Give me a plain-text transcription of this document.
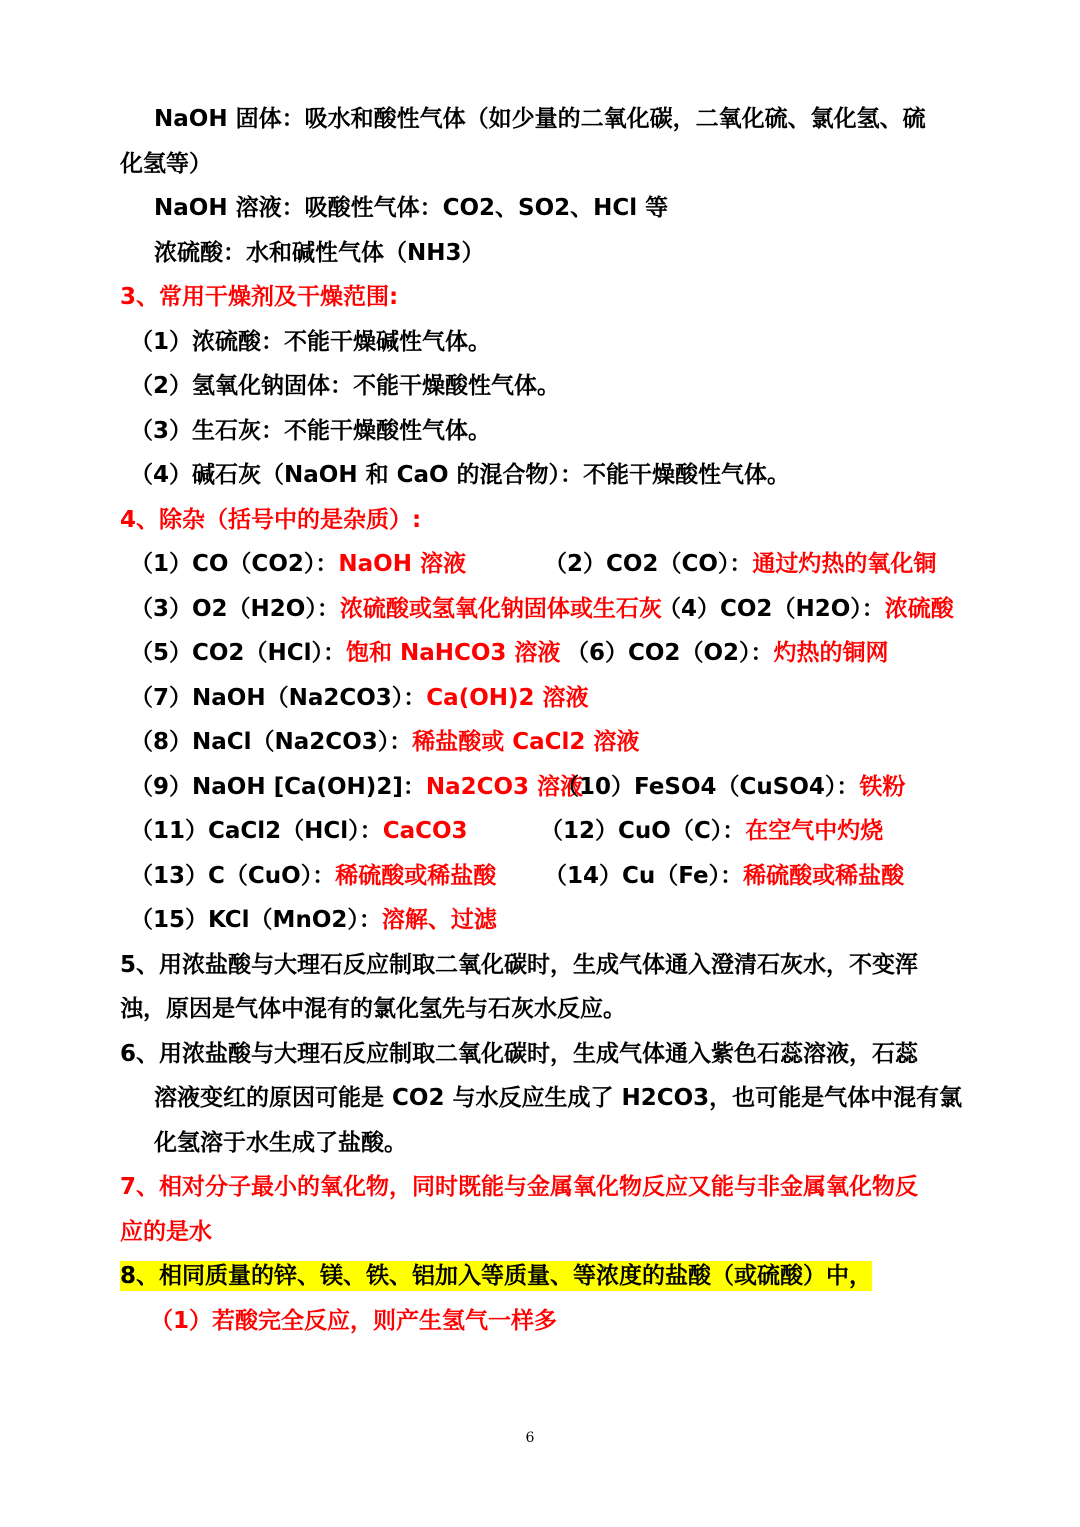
NaOH 固体：吸水和酸性气体（如少量的二氧化碳，二氧化硫、氯化氢、硫
化氢等）
NaOH 溶液：吸酸性气体：CO2、SO2、HCl 等
浓硫酸：水和碱性气体（NH3）
3、常用干燥剂及干燥范围:
（1）浓硫酸：不能干燥碱性气体。
（2）氢氧化钠固体：不能干燥酸性气体。
（3）生石灰：不能干燥酸性气体。
（4）碱石灰（NaOH 和 CaO 的混合物）：不能干燥酸性气体。
4、除杂（括号中的是杂质）:
（1）CO（CO2）：NaOH 溶液	（2）CO2（CO）：通过灼热的氧化铜
（3）O2（H2O）：浓硫酸或氢氧化钠固体或生石灰
（4）CO2（H2O）：浓硫酸
（5）CO2（HCl）：饱和 NaHCO3 溶液 （6）CO2（O2）：灼热的铜网
（7）NaOH（Na2CO3）：Ca(OH)2 溶液
（8）NaCl（Na2CO3）：稀盐酸或 CaCl2 溶液
（9）NaOH [Ca(OH)2]：Na2CO3 溶液
（10）FeSO4（CuSO4）：铁粉
（11）CaCl2（HCl）：CaCO3	（12）CuO（C）：在空气中灼烧
（13）C（CuO）：稀硫酸或稀盐酸 （14）Cu（Fe）：稀硫酸或稀盐酸
（15）KCl（MnO2）：溶解、过滤
5、用浓盐酸与大理石反应制取二氧化碳时，生成气体通入澄清石灰水，不变浑
浊，原因是气体中混有的氯化氢先与石灰水反应。
6、用浓盐酸与大理石反应制取二氧化碳时，生成气体通入紫色石蕊溶液，石蕊
溶液变红的原因可能是 CO2 与水反应生成了 H2CO3，也可能是气体中混有氯
化氢溶于水生成了盐酸。
7、相对分子最小的氧化物，同时既能与金属氧化物反应又能与非金属氧化物反
应的是水
8、相同质量的锌、镁、铁、铝加入等质量、等浓度的盐酸（或硫酸）中，
（1）若酸完全反应，则产生氢气一样多
6
